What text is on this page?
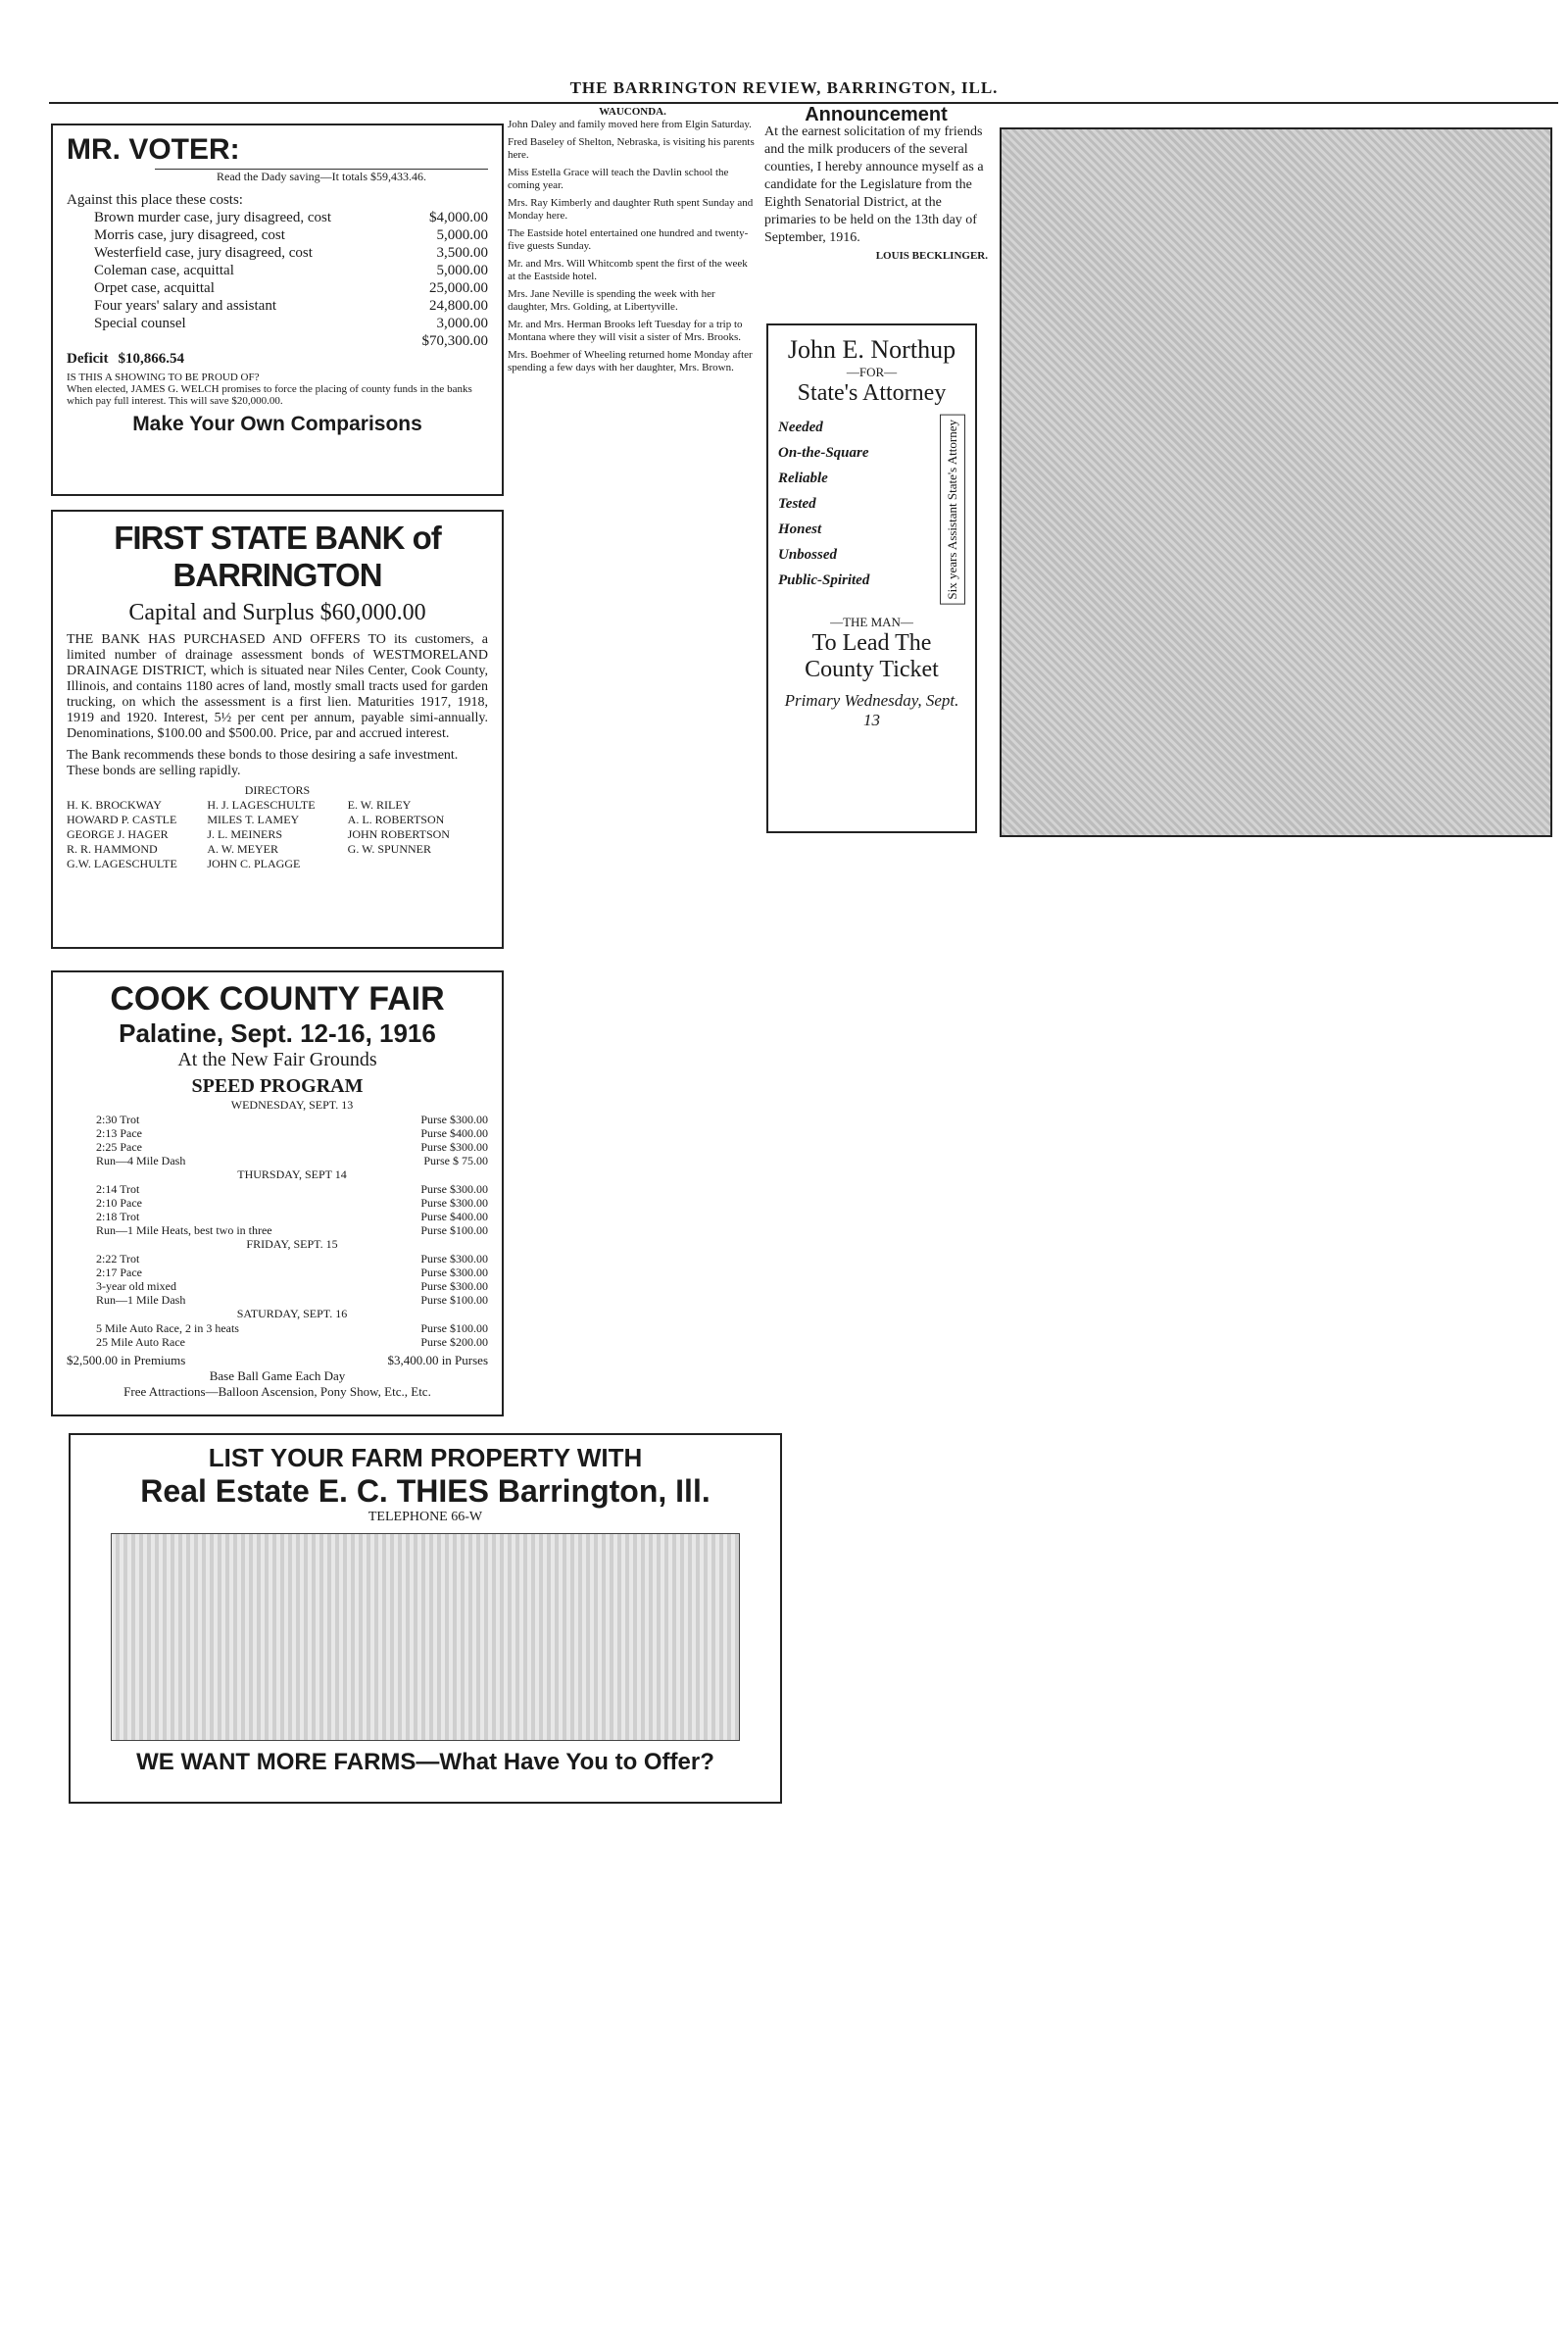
THE BARRINGTON REVIEW, BARRINGTON, ILL.
MR. VOTER:
Read the Dady saving—It totals $59,433.46.
Against this place these costs:
Brown murder case, jury disagreed, cost	$4,000.00
Morris case, jury disagreed, cost	5,000.00
Westerfield case, jury disagreed, cost	3,500.00
Coleman case, acquittal	5,000.00
Orpet case, acquittal	25,000.00
Four years' salary and assistant	24,800.00
Special counsel	3,000.00
$70,300.00
Deficit $10,866.54
IS THIS A SHOWING TO BE PROUD OF?
When elected, JAMES G. WELCH promises to force the placing of county funds in the banks which pay full interest. This will save $20,000.00.
Make Your Own Comparisons
FIRST STATE BANK of BARRINGTON
Capital and Surplus $60,000.00
THE BANK HAS PURCHASED AND OFFERS TO its customers, a limited number of drainage assessment bonds of WESTMORELAND DRAINAGE DISTRICT, which is situated near Niles Center, Cook County, Illinois, and contains 1180 acres of land, mostly small tracts used for garden trucking, on which the assessment is a first lien. Maturities 1917, 1918, 1919 and 1920. Interest, 5½ per cent per annum, payable simi-annually. Denominations, $100.00 and $500.00. Price, par and accrued interest.
The Bank recommends these bonds to those desiring a safe investment. These bonds are selling rapidly.
DIRECTORS
H. K. BROCKWAY	H. J. LAGESCHULTE	E. W. RILEY
HOWARD P. CASTLE	MILES T. LAMEY	A. L. ROBERTSON
GEORGE J. HAGER	J. L. MEINERS	JOHN ROBERTSON
R. R. HAMMOND	A. W. MEYER	G. W. SPUNNER
G.W. LAGESCHULTE	JOHN C. PLAGGE
COOK COUNTY FAIR
Palatine, Sept. 12-16, 1916
At the New Fair Grounds
SPEED PROGRAM
WEDNESDAY, SEPT. 13
2:30 Trot	Purse $300.00
2:13 Pace	Purse $400.00
2:25 Pace	Purse $300.00
Run—4 Mile Dash	Purse $ 75.00
THURSDAY, SEPT 14
2:14 Trot	Purse $300.00
2:10 Pace	Purse $300.00
2:18 Trot	Purse $400.00
Run—1 Mile Heats, best two in three	Purse $100.00
FRIDAY, SEPT. 15
2:22 Trot	Purse $300.00
2:17 Pace	Purse $300.00
3-year old mixed	Purse $300.00
Run—1 Mile Dash	Purse $100.00
SATURDAY, SEPT. 16
5 Mile Auto Race, 2 in 3 heats	Purse $100.00
25 Mile Auto Race	Purse $200.00
$2,500.00 in Premiums	$3,400.00 in Purses
Base Ball Game Each Day
Free Attractions—Balloon Ascension, Pony Show, Etc., Etc.
LIST YOUR FARM PROPERTY WITH
Real Estate E. C. THIES Barrington, Ill.
TELEPHONE 66-W
WE WANT MORE FARMS—What Have You to Offer?
WAUCONDA.

John Daley and family moved here from Elgin Saturday.

Fred Baseley of Shelton, Nebraska, is visiting his parents here.

Miss Estella Grace will teach the Davlin school the coming year.

Mrs. Ray Kimberly and daughter Ruth spent Sunday and Monday here.

The Eastside hotel entertained one hundred and twenty-five guests Sunday.

Mr. and Mrs. Will Whitcomb spent the first of the week at the Eastside hotel.

Mrs. Jane Neville is spending the week with her daughter, Mrs. Golding, at Libertyville.

Mr. and Mrs. Herman Brooks left Tuesday for a trip to Montana where they will visit a sister of Mrs. Brooks.

Mrs. Boehmer of Wheeling returned home Monday after spending a few days with her daughter, Mrs. Brown.

Announcement
At the earnest solicitation of my friends and the milk producers of the several counties, I hereby announce myself as a candidate for the Legislature from the Eighth Senatorial District, at the primaries to be held on the 13th day of September, 1916.
LOUIS BECKLINGER.
John E. Northup
—FOR—
State's Attorney
Needed
On-the-Square
Reliable
Tested
Honest
Unbossed
Public-Spirited	Six years Assistant State's Attorney
—THE MAN—
To Lead The County Ticket
Primary Wednesday, Sept. 13
